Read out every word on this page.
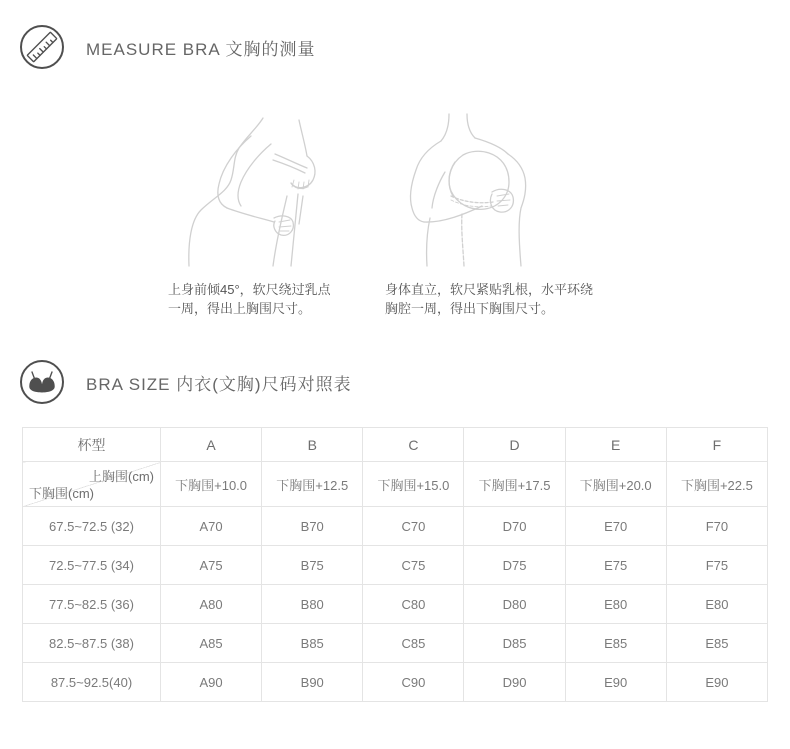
MEASURE BRA 文胸的测量
上身前倾45°，软尺绕过乳点
一周，得出上胸围尺寸。
身体直立，软尺紧贴乳根，水平环绕
胸腔一周，得出下胸围尺寸。
BRA SIZE 内衣(文胸)尺码对照表
杯型	A	B	C	D	E	F

上胸围(cm)
下胸围(cm)	下胸围+10.0	下胸围+12.5	下胸围+15.0	下胸围+17.5	下胸围+20.0	下胸围+22.5
67.5~72.5 (32)	A70	B70	C70	D70	E70	F70
72.5~77.5 (34)	A75	B75	C75	D75	E75	F75
77.5~82.5 (36)	A80	B80	C80	D80	E80	E80
82.5~87.5 (38)	A85	B85	C85	D85	E85	E85
87.5~92.5(40)	A90	B90	C90	D90	E90	E90
